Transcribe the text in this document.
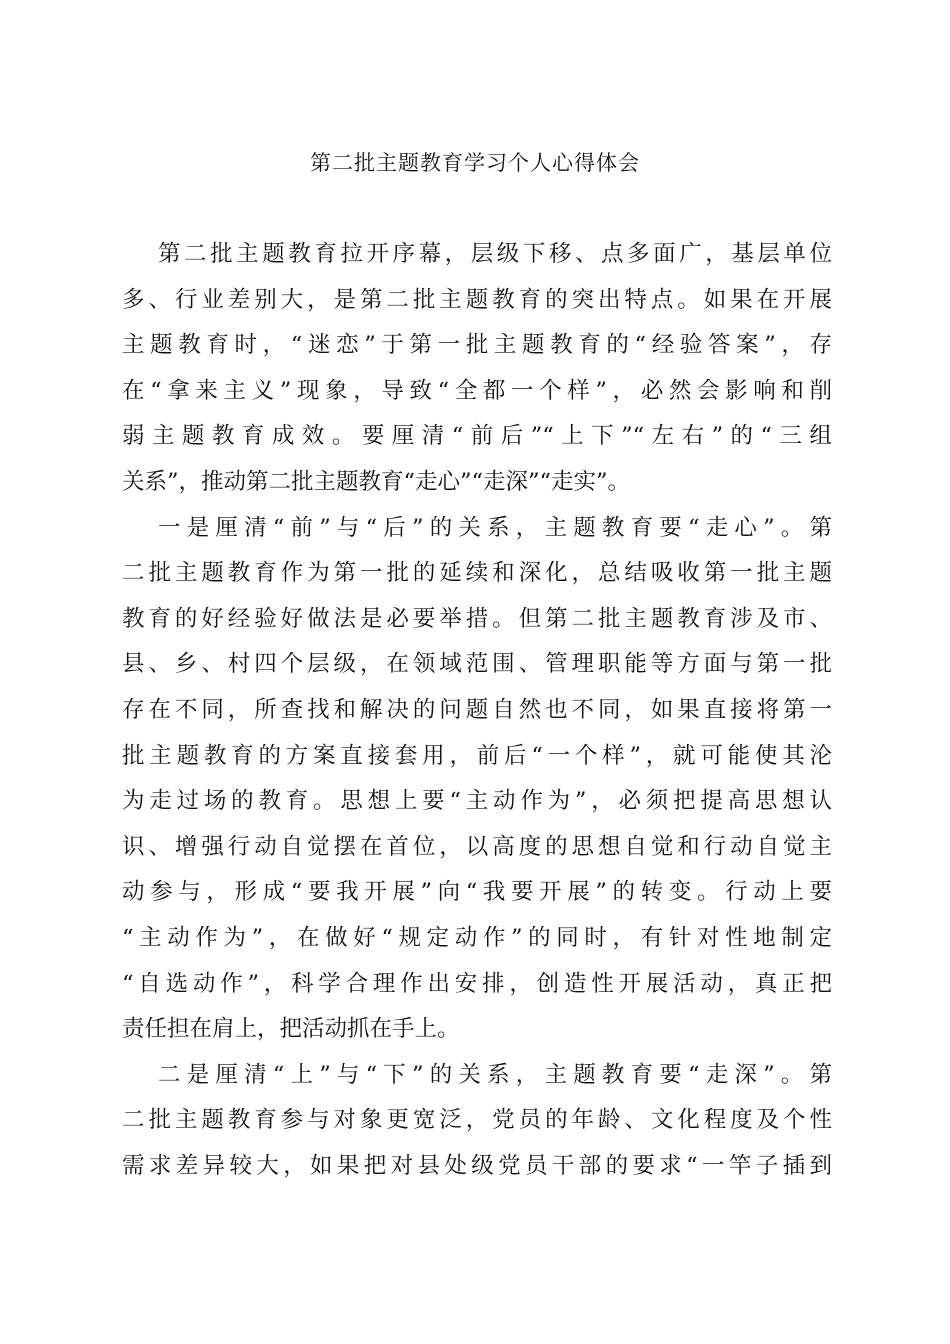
第二批主题教育学习个人心得体会
第二批主题教育拉开序幕，层级下移、点多面广，基层单位
多、行业差别大，是第二批主题教育的突出特点。如果在开展
主题教育时，“迷恋”于第一批主题教育的“经验答案”，存
在“拿来主义”现象，导致“全都一个样”，必然会影响和削
弱主题教育成效。要厘清“前后”“上下”“左右”的“三组
关系”，推动第二批主题教育“走心”“走深”“走实”。
一是厘清“前”与“后”的关系，主题教育要“走心”。第
二批主题教育作为第一批的延续和深化，总结吸收第一批主题
教育的好经验好做法是必要举措。但第二批主题教育涉及市、
县、乡、村四个层级，在领域范围、管理职能等方面与第一批
存在不同，所查找和解决的问题自然也不同，如果直接将第一
批主题教育的方案直接套用，前后“一个样”，就可能使其沦
为走过场的教育。思想上要“主动作为”，必须把提高思想认
识、增强行动自觉摆在首位，以高度的思想自觉和行动自觉主
动参与，形成“要我开展”向“我要开展”的转变。行动上要
“主动作为”，在做好“规定动作”的同时，有针对性地制定
“自选动作”，科学合理作出安排，创造性开展活动，真正把
责任担在肩上，把活动抓在手上。
二是厘清“上”与“下”的关系，主题教育要“走深”。第
二批主题教育参与对象更宽泛，党员的年龄、文化程度及个性
需求差异较大，如果把对县处级党员干部的要求“一竿子插到
